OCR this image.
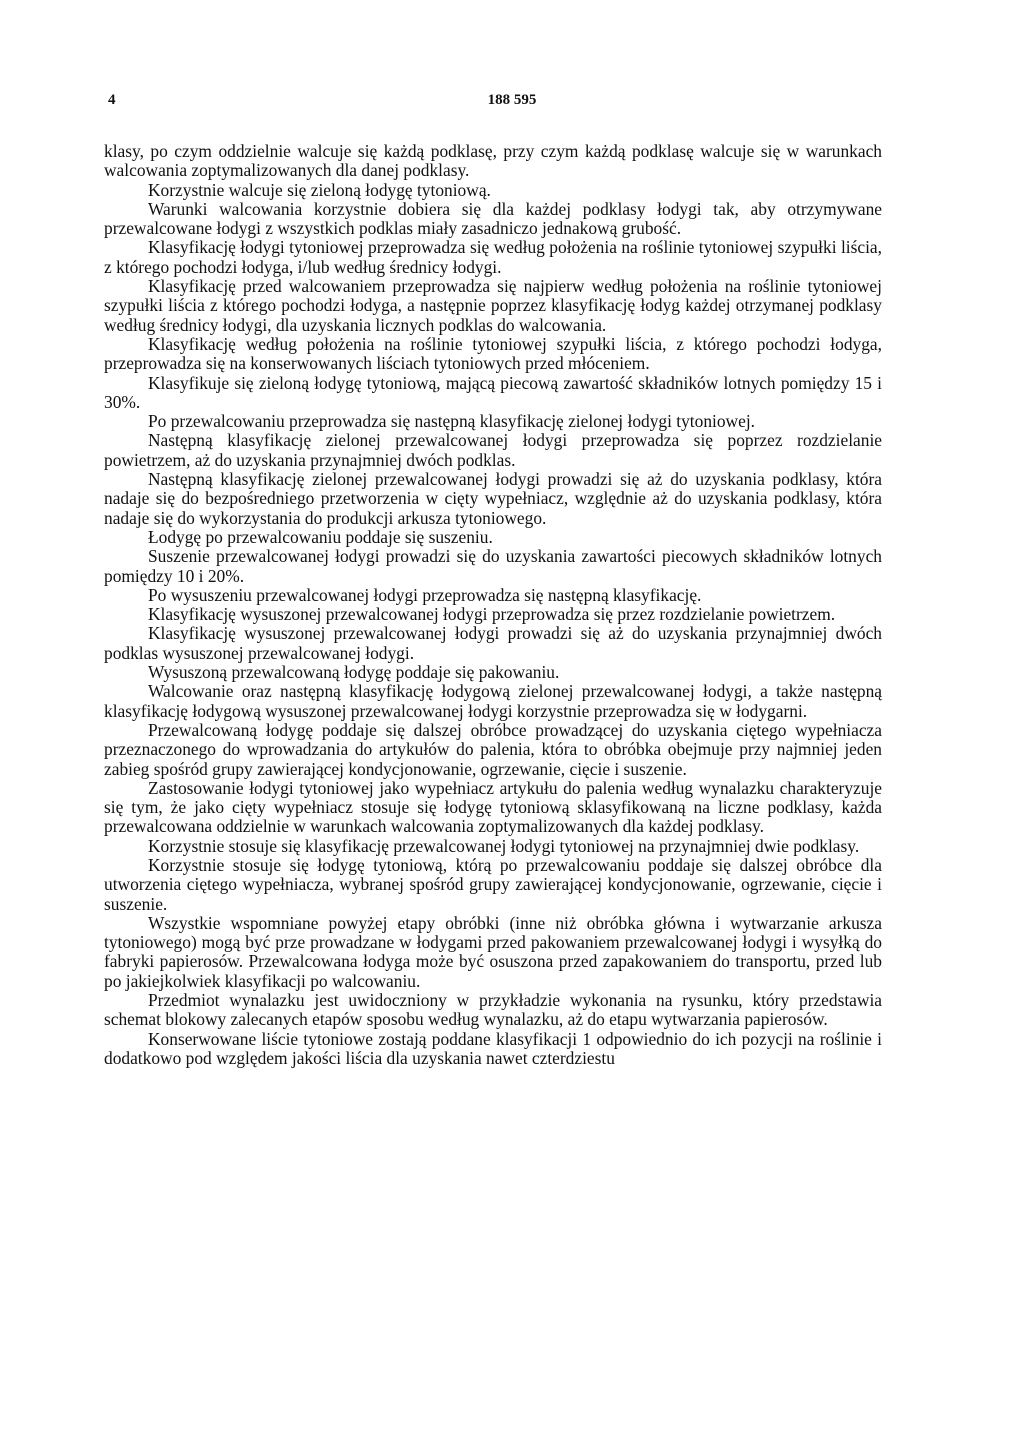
4	188 595

klasy, po czym oddzielnie walcuje się każdą podklasę, przy czym każdą podklasę walcuje się w warunkach walcowania zoptymalizowanych dla danej podklasy.

Korzystnie walcuje się zieloną łodygę tytoniową.

Warunki walcowania korzystnie dobiera się dla każdej podklasy łodygi tak, aby otrzymywane przewalcowane łodygi z wszystkich podklas miały zasadniczo jednakową grubość.

Klasyfikację łodygi tytoniowej przeprowadza się według położenia na roślinie tytoniowej szypułki liścia, z którego pochodzi łodyga, i/lub według średnicy łodygi.

Klasyfikację przed walcowaniem przeprowadza się najpierw według położenia na roślinie tytoniowej szypułki liścia z którego pochodzi łodyga, a następnie poprzez klasyfikację łodyg każdej otrzymanej podklasy według średnicy łodygi, dla uzyskania licznych podklas do walcowania.

Klasyfikację według położenia na roślinie tytoniowej szypułki liścia, z którego pochodzi łodyga, przeprowadza się na konserwowanych liściach tytoniowych przed młóceniem.

Klasyfikuje się zieloną łodygę tytoniową, mającą piecową zawartość składników lotnych pomiędzy 15 i 30%.

Po przewalcowaniu przeprowadza się następną klasyfikację zielonej łodygi tytoniowej.

Następną klasyfikację zielonej przewalcowanej łodygi przeprowadza się poprzez rozdzielanie powietrzem, aż do uzyskania przynajmniej dwóch podklas.

Następną klasyfikację zielonej przewalcowanej łodygi prowadzi się aż do uzyskania podklasy, która nadaje się do bezpośredniego przetworzenia w cięty wypełniacz, względnie aż do uzyskania podklasy, która nadaje się do wykorzystania do produkcji arkusza tytoniowego.

Łodygę po przewalcowaniu poddaje się suszeniu.

Suszenie przewalcowanej łodygi prowadzi się do uzyskania zawartości piecowych składników lotnych pomiędzy 10 i 20%.

Po wysuszeniu przewalcowanej łodygi przeprowadza się następną klasyfikację.

Klasyfikację wysuszonej przewalcowanej łodygi przeprowadza się przez rozdzielanie powietrzem.

Klasyfikację wysuszonej przewalcowanej łodygi prowadzi się aż do uzyskania przynajmniej dwóch podklas wysuszonej przewalcowanej łodygi.

Wysuszoną przewalcowaną łodygę poddaje się pakowaniu.

Walcowanie oraz następną klasyfikację łodygową zielonej przewalcowanej łodygi, a także następną klasyfikację łodygową wysuszonej przewalcowanej łodygi korzystnie przeprowadza się w łodygarni.

Przewalcowaną łodygę poddaje się dalszej obróbce prowadzącej do uzyskania ciętego wypełniacza przeznaczonego do wprowadzania do artykułów do palenia, która to obróbka obejmuje przy najmniej jeden zabieg spośród grupy zawierającej kondycjonowanie, ogrzewanie, cięcie i suszenie.

Zastosowanie łodygi tytoniowej jako wypełniacz artykułu do palenia według wynalazku charakteryzuje się tym, że jako cięty wypełniacz stosuje się łodygę tytoniową sklasyfikowaną na liczne podklasy, każda przewalcowana oddzielnie w warunkach walcowania zoptymalizowanych dla każdej podklasy.

Korzystnie stosuje się klasyfikację przewalcowanej łodygi tytoniowej na przynajmniej dwie podklasy.

Korzystnie stosuje się łodygę tytoniową, którą po przewalcowaniu poddaje się dalszej obróbce dla utworzenia ciętego wypełniacza, wybranej spośród grupy zawierającej kondycjonowanie, ogrzewanie, cięcie i suszenie.

Wszystkie wspomniane powyżej etapy obróbki (inne niż obróbka główna i wytwarzanie arkusza tytoniowego) mogą być prze prowadzane w łodygami przed pakowaniem przewalcowanej łodygi i wysyłką do fabryki papierosów. Przewalcowana łodyga może być osuszona przed zapakowaniem do transportu, przed lub po jakiejkolwiek klasyfikacji po walcowaniu.

Przedmiot wynalazku jest uwidoczniony w przykładzie wykonania na rysunku, który przedstawia schemat blokowy zalecanych etapów sposobu według wynalazku, aż do etapu wytwarzania papierosów.

Konserwowane liście tytoniowe zostają poddane klasyfikacji 1 odpowiednio do ich pozycji na roślinie i dodatkowo pod względem jakości liścia dla uzyskania nawet czterdziestu
